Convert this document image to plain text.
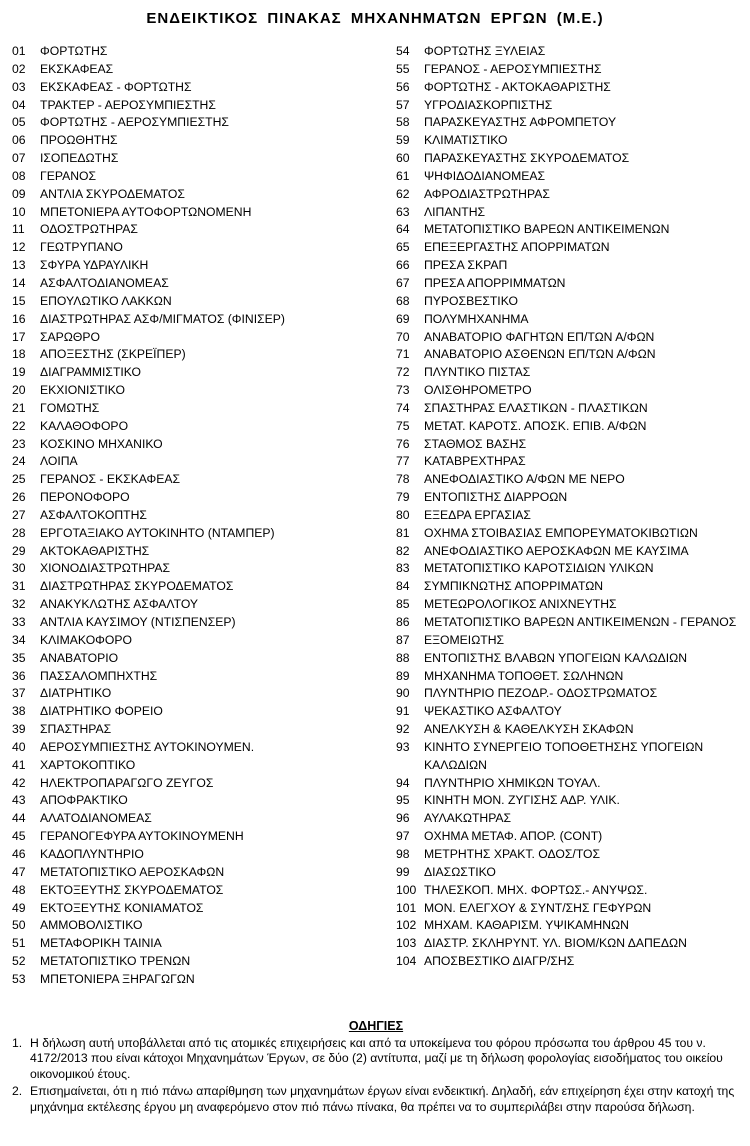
ΕΝΔΕΙΚΤΙΚΟΣ ΠΙΝΑΚΑΣ ΜΗΧΑΝΗΜΑΤΩΝ ΕΡΓΩΝ (Μ.Ε.)
01	ΦΟΡΤΩΤΗΣ
02	ΕΚΣΚΑΦΕΑΣ
03	ΕΚΣΚΑΦΕΑΣ - ΦΟΡΤΩΤΗΣ
04	ΤΡΑΚΤΕΡ - ΑΕΡΟΣΥΜΠΙΕΣΤΗΣ
05	ΦΟΡΤΩΤΗΣ - ΑΕΡΟΣΥΜΠΙΕΣΤΗΣ
06	ΠΡΟΩΘΗΤΗΣ
07	ΙΣΟΠΕΔΩΤΗΣ
08	ΓΕΡΑΝΟΣ
09	ΑΝΤΛΙΑ ΣΚΥΡΟΔΕΜΑΤΟΣ
10	ΜΠΕΤΟΝΙΕΡΑ ΑΥΤΟΦΟΡΤΩΝΟΜΕΝΗ
11	ΟΔΟΣΤΡΩΤΗΡΑΣ
12	ΓΕΩΤΡΥΠΑΝΟ
13	ΣΦΥΡΑ ΥΔΡΑΥΛΙΚΗ
14	ΑΣΦΑΛΤΟΔΙΑΝΟΜΕΑΣ
15	ΕΠΟΥΛΩΤΙΚΟ ΛΑΚΚΩΝ
16	ΔΙΑΣΤΡΩΤΗΡΑΣ ΑΣΦ/ΜΙΓΜΑΤΟΣ (ΦΙΝΙΣΕΡ)
17	ΣΑΡΩΘΡΟ
18	ΑΠΟΞΕΣΤΗΣ (ΣΚΡΕΪΠΕΡ)
19	ΔΙΑΓΡΑΜΜΙΣΤΙΚΟ
20	ΕΚΧΙΟΝΙΣΤΙΚΟ
21	ΓΟΜΩΤΗΣ
22	ΚΑΛΑΘΟΦΟΡΟ
23	ΚΟΣΚΙΝΟ ΜΗΧΑΝΙΚΟ
24	ΛΟΙΠΑ
25	ΓΕΡΑΝΟΣ - ΕΚΣΚΑΦΕΑΣ
26	ΠΕΡΟΝΟΦΟΡΟ
27	ΑΣΦΑΛΤΟΚΟΠΤΗΣ
28	ΕΡΓΟΤΑΞΙΑΚΟ ΑΥΤΟΚΙΝΗΤΟ (ΝΤΑΜΠΕΡ)
29	ΑΚΤΟΚΑΘΑΡΙΣΤΗΣ
30	ΧΙΟΝΟΔΙΑΣΤΡΩΤΗΡΑΣ
31	ΔΙΑΣΤΡΩΤΗΡΑΣ ΣΚΥΡΟΔΕΜΑΤΟΣ
32	ΑΝΑΚΥΚΛΩΤΗΣ ΑΣΦΑΛΤΟΥ
33	ΑΝΤΛΙΑ ΚΑΥΣΙΜΟΥ (ΝΤΙΣΠΕΝΣΕΡ)
34	ΚΛΙΜΑΚΟΦΟΡΟ
35	ΑΝΑΒΑΤΟΡΙΟ
36	ΠΑΣΣΑΛΟΜΠΗΧΤΗΣ
37	ΔΙΑΤΡΗΤΙΚΟ
38	ΔΙΑΤΡΗΤΙΚΟ ΦΟΡΕΙΟ
39	ΣΠΑΣΤΗΡΑΣ
40	ΑΕΡΟΣΥΜΠΙΕΣΤΗΣ ΑΥΤΟΚΙΝΟΥΜΕΝ.
41	ΧΑΡΤΟΚΟΠΤΙΚΟ
42	ΗΛΕΚΤΡΟΠΑΡΑΓΩΓΟ ΖΕΥΓΟΣ
43	ΑΠΟΦΡΑΚΤΙΚΟ
44	ΑΛΑΤΟΔΙΑΝΟΜΕΑΣ
45	ΓΕΡΑΝΟΓΕΦΥΡΑ ΑΥΤΟΚΙΝΟΥΜΕΝΗ
46	ΚΑΔΟΠΛΥΝΤΗΡΙΟ
47	ΜΕΤΑΤΟΠΙΣΤΙΚΟ ΑΕΡΟΣΚΑΦΩΝ
48	ΕΚΤΟΞΕΥΤΗΣ ΣΚΥΡΟΔΕΜΑΤΟΣ
49	ΕΚΤΟΞΕΥΤΗΣ ΚΟΝΙΑΜΑΤΟΣ
50	ΑΜΜΟΒΟΛΙΣΤΙΚΟ
51	ΜΕΤΑΦΟΡΙΚΗ ΤΑΙΝΙΑ
52	ΜΕΤΑΤΟΠΙΣΤΙΚΟ ΤΡΕΝΩΝ
53	ΜΠΕΤΟΝΙΕΡΑ ΞΗΡΑΓΩΓΩΝ
54	ΦΟΡΤΩΤΗΣ ΞΥΛΕΙΑΣ
55	ΓΕΡΑΝΟΣ - ΑΕΡΟΣΥΜΠΙΕΣΤΗΣ
56	ΦΟΡΤΩΤΗΣ - ΑΚΤΟΚΑΘΑΡΙΣΤΗΣ
57	ΥΓΡΟΔΙΑΣΚΟΡΠΙΣΤΗΣ
58	ΠΑΡΑΣΚΕΥΑΣΤΗΣ ΑΦΡΟΜΠΕΤΟΥ
59	ΚΛΙΜΑΤΙΣΤΙΚΟ
60	ΠΑΡΑΣΚΕΥΑΣΤΗΣ ΣΚΥΡΟΔΕΜΑΤΟΣ
61	ΨΗΦΙΔΟΔΙΑΝΟΜΕΑΣ
62	ΑΦΡΟΔΙΑΣΤΡΩΤΗΡΑΣ
63	ΛΙΠΑΝΤΗΣ
64	ΜΕΤΑΤΟΠΙΣΤΙΚΟ ΒΑΡΕΩΝ ΑΝΤΙΚΕΙΜΕΝΩΝ
65	ΕΠΕΞΕΡΓΑΣΤΗΣ ΑΠΟΡΡΙΜΑΤΩΝ
66	ΠΡΕΣΑ ΣΚΡΑΠ
67	ΠΡΕΣΑ ΑΠΟΡΡΙΜΜΑΤΩΝ
68	ΠΥΡΟΣΒΕΣΤΙΚΟ
69	ΠΟΛΥΜΗΧΑΝΗΜΑ
70	ΑΝΑΒΑΤΟΡΙΟ ΦΑΓΗΤΩΝ ΕΠ/ΤΩΝ Α/ΦΩΝ
71	ΑΝΑΒΑΤΟΡΙΟ ΑΣΘΕΝΩΝ ΕΠ/ΤΩΝ Α/ΦΩΝ
72	ΠΛΥΝΤΙΚΟ ΠΙΣΤΑΣ
73	ΟΛΙΣΘΗΡΟΜΕΤΡΟ
74	ΣΠΑΣΤΗΡΑΣ ΕΛΑΣΤΙΚΩΝ - ΠΛΑΣΤΙΚΩΝ
75	ΜΕΤΑΤ. ΚΑΡΟΤΣ. ΑΠΟΣΚ. ΕΠΙΒ. Α/ΦΩΝ
76	ΣΤΑΘΜΟΣ ΒΑΣΗΣ
77	ΚΑΤΑΒΡΕΧΤΗΡΑΣ
78	ΑΝΕΦΟΔΙΑΣΤΙΚΟ Α/ΦΩΝ ΜΕ ΝΕΡΟ
79	ΕΝΤΟΠΙΣΤΗΣ ΔΙΑΡΡΟΩΝ
80	ΕΞΕΔΡΑ ΕΡΓΑΣΙΑΣ
81	ΟΧΗΜΑ ΣΤΟΙΒΑΣΙΑΣ ΕΜΠΟΡΕΥΜΑΤΟΚΙΒΩΤΙΩΝ
82	ΑΝΕΦΟΔΙΑΣΤΙΚΟ ΑΕΡΟΣΚΑΦΩΝ ΜΕ ΚΑΥΣΙΜΑ
83	ΜΕΤΑΤΟΠΙΣΤΙΚΟ ΚΑΡΟΤΣΙΔΙΩΝ ΥΛΙΚΩΝ
84	ΣΥΜΠΙΚΝΩΤΗΣ ΑΠΟΡΡΙΜΑΤΩΝ
85	ΜΕΤΕΩΡΟΛΟΓΙΚΟΣ ΑΝΙΧΝΕΥΤΗΣ
86	ΜΕΤΑΤΟΠΙΣΤΙΚΟ ΒΑΡΕΩΝ ΑΝΤΙΚΕΙΜΕΝΩΝ - ΓΕΡΑΝΟΣ
87	ΕΞΟΜΕΙΩΤΗΣ
88	ΕΝΤΟΠΙΣΤΗΣ ΒΛΑΒΩΝ ΥΠΟΓΕΙΩΝ ΚΑΛΩΔΙΩΝ
89	ΜΗΧΑΝΗΜΑ ΤΟΠΟΘΕΤ. ΣΩΛΗΝΩΝ
90	ΠΛΥΝΤΗΡΙΟ ΠΕΖΟΔΡ.- ΟΔΟΣΤΡΩΜΑΤΟΣ
91	ΨΕΚΑΣΤΙΚΟ ΑΣΦΑΛΤΟΥ
92	ΑΝΕΛΚΥΣΗ & ΚΑΘΕΛΚΥΣΗ ΣΚΑΦΩΝ
93	ΚΙΝΗΤΟ ΣΥΝΕΡΓΕΙΟ ΤΟΠΟΘΕΤΗΣΗΣ ΥΠΟΓΕΙΩΝ ΚΑΛΩΔΙΩΝ
94	ΠΛΥΝΤΗΡΙΟ ΧΗΜΙΚΩΝ ΤΟΥΑΛ.
95	ΚΙΝΗΤΗ ΜΟΝ. ΖΥΓΙΣΗΣ ΑΔΡ. ΥΛΙΚ.
96	ΑΥΛΑΚΩΤΗΡΑΣ
97	ΟΧΗΜΑ ΜΕΤΑΦ. ΑΠΟΡ. (CONT)
98	ΜΕΤΡΗΤΗΣ ΧΡΑΚΤ. ΟΔΟΣ/ΤΟΣ
99	ΔΙΑΣΩΣΤΙΚΟ
100 ΤΗΛΕΣΚΟΠ. ΜΗΧ. ΦΟΡΤΩΣ.- ΑΝΥΨΩΣ.
101 ΜΟΝ. ΕΛΕΓΧΟΥ & ΣΥΝΤ/ΣΗΣ ΓΕΦΥΡΩΝ
102 ΜΗΧΑΜ. ΚΑΘΑΡΙΣΜ. ΥΨΙΚΑΜΗΝΩΝ
103 ΔΙΑΣΤΡ. ΣΚΛΗΡΥΝΤ. ΥΛ. ΒΙΟΜ/ΚΩΝ ΔΑΠΕΔΩΝ
104 ΑΠΟΣΒΕΣΤΙΚΟ ΔΙΑΓΡ/ΣΗΣ
ΟΔΗΓΙΕΣ
1. Η δήλωση αυτή υποβάλλεται από τις ατομικές επιχειρήσεις και από τα υποκείμενα του φόρου πρόσωπα του άρθρου 45 του ν. 4172/2013 που είναι κάτοχοι Μηχανημάτων Έργων, σε δύο (2) αντίτυπα, μαζί με τη δήλωση φορολογίας εισοδήματος του οικείου οικονομικού έτους.
2. Επισημαίνεται, ότι η πιό πάνω απαρίθμηση των μηχανημάτων έργων είναι ενδεικτική. Δηλαδή, εάν επιχείρηση έχει στην κατοχή της μηχάνημα εκτέλεσης έργου μη αναφερόμενο στον πιό πάνω πίνακα, θα πρέπει να το συμπεριλάβει στην παρούσα δήλωση.
